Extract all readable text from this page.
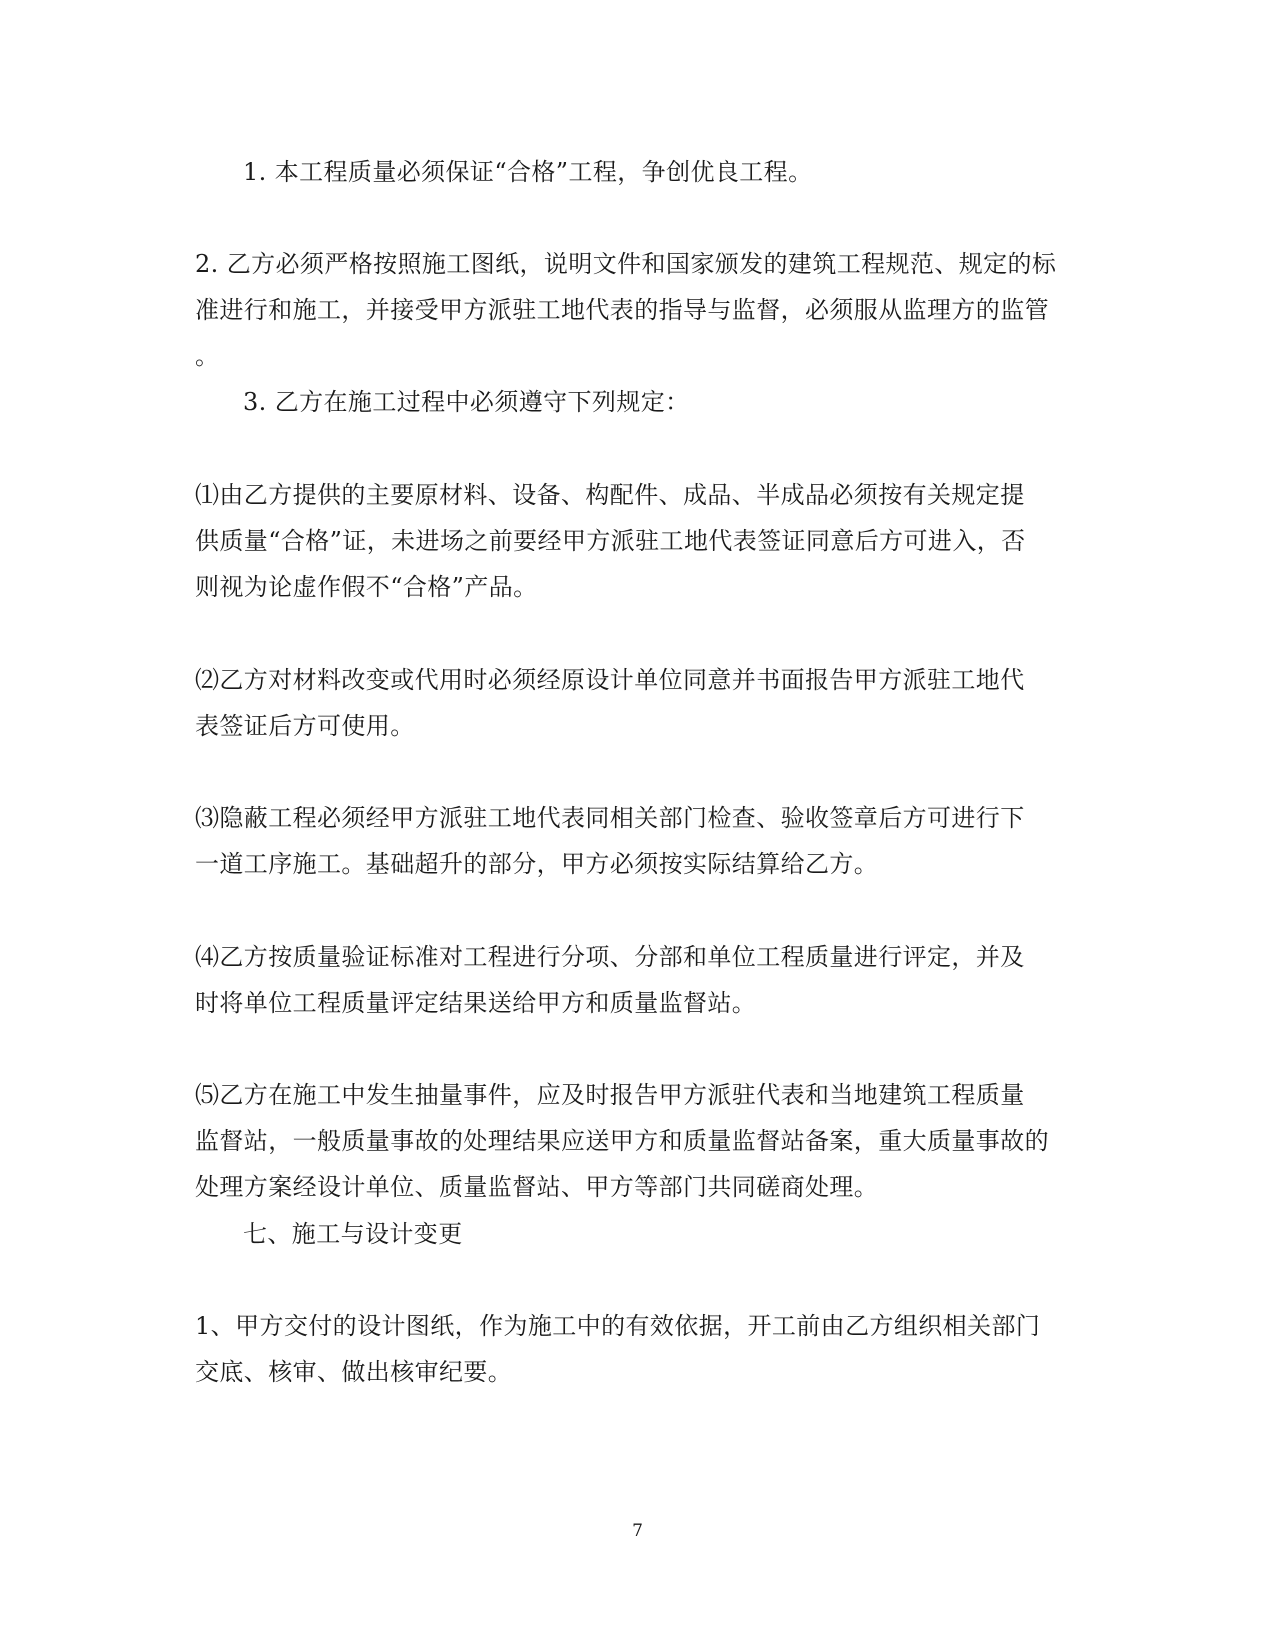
1. 本工程质量必须保证“合格”工程，争创优良工程。
2. 乙方必须严格按照施工图纸，说明文件和国家颁发的建筑工程规范、规定的标
准进行和施工，并接受甲方派驻工地代表的指导与监督，必须服从监理方的监管
。
3. 乙方在施工过程中必须遵守下列规定：
⑴由乙方提供的主要原材料、设备、构配件、成品、半成品必须按有关规定提
供质量“合格”证，未进场之前要经甲方派驻工地代表签证同意后方可进入，否
则视为论虚作假不“合格”产品。
⑵乙方对材料改变或代用时必须经原设计单位同意并书面报告甲方派驻工地代
表签证后方可使用。
⑶隐蔽工程必须经甲方派驻工地代表同相关部门检查、验收签章后方可进行下
一道工序施工。基础超升的部分，甲方必须按实际结算给乙方。
⑷乙方按质量验证标准对工程进行分项、分部和单位工程质量进行评定，并及
时将单位工程质量评定结果送给甲方和质量监督站。
⑸乙方在施工中发生抽量事件，应及时报告甲方派驻代表和当地建筑工程质量
监督站，一般质量事故的处理结果应送甲方和质量监督站备案，重大质量事故的
处理方案经设计单位、质量监督站、甲方等部门共同磋商处理。
七、施工与设计变更
1、甲方交付的设计图纸，作为施工中的有效依据，开工前由乙方组织相关部门
交底、核审、做出核审纪要。
7
